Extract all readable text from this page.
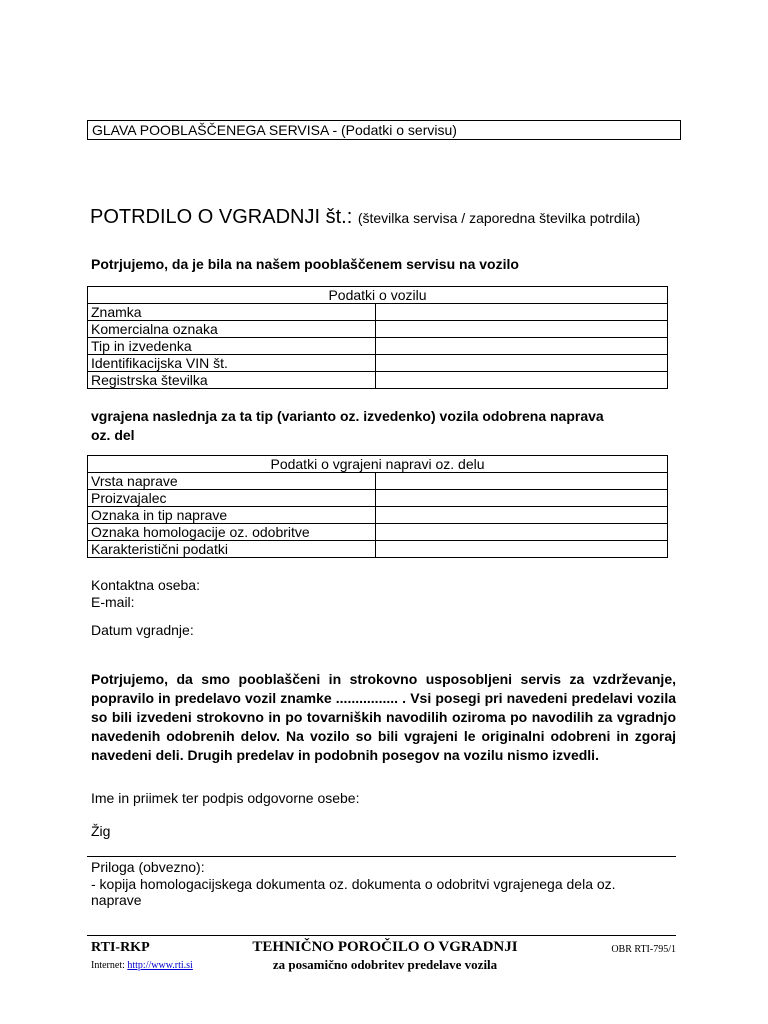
GLAVA POOBLAŠČENEGA SERVISA - (Podatki o servisu)
POTRDILO O VGRADNJI št.: (številka servisa / zaporedna številka potrdila)
Potrjujemo, da je bila na našem pooblaščenem servisu na vozilo
Podatki o vozilu	
Znamka	
Komercialna oznaka	
Tip in izvedenka	
Identifikacijska VIN št.	
Registrska številka	
vgrajena naslednja za ta tip (varianto oz. izvedenko) vozila odobrena naprava
oz. del
Podatki o vgrajeni napravi oz. delu	
Vrsta naprave	
Proizvajalec	
Oznaka in tip naprave	
Oznaka homologacije oz. odobritve	
Karakteristični podatki	
Kontaktna oseba:
E-mail:
Datum vgradnje:
Potrjujemo, da smo pooblaščeni in strokovno usposobljeni servis za vzdrževanje, popravilo in predelavo vozil znamke ................ . Vsi posegi pri navedeni predelavi vozila so bili izvedeni strokovno in po tovarniških navodilih oziroma po navodilih za vgradnjo navedenih odobrenih delov. Na vozilo so bili vgrajeni le originalni odobreni in zgoraj navedeni deli. Drugih predelav in podobnih posegov na vozilu nismo izvedli.
Ime in priimek ter podpis odgovorne osebe:
Žig
Priloga (obvezno):
- kopija homologacijskega dokumenta oz. dokumenta o odobritvi vgrajenega dela oz.
naprave
RTI-RKP
Internet: http://www.rti.si
TEHNIČNO POROČILO O VGRADNJI
za posamično odobritev predelave vozila
OBR RTI-795/1
